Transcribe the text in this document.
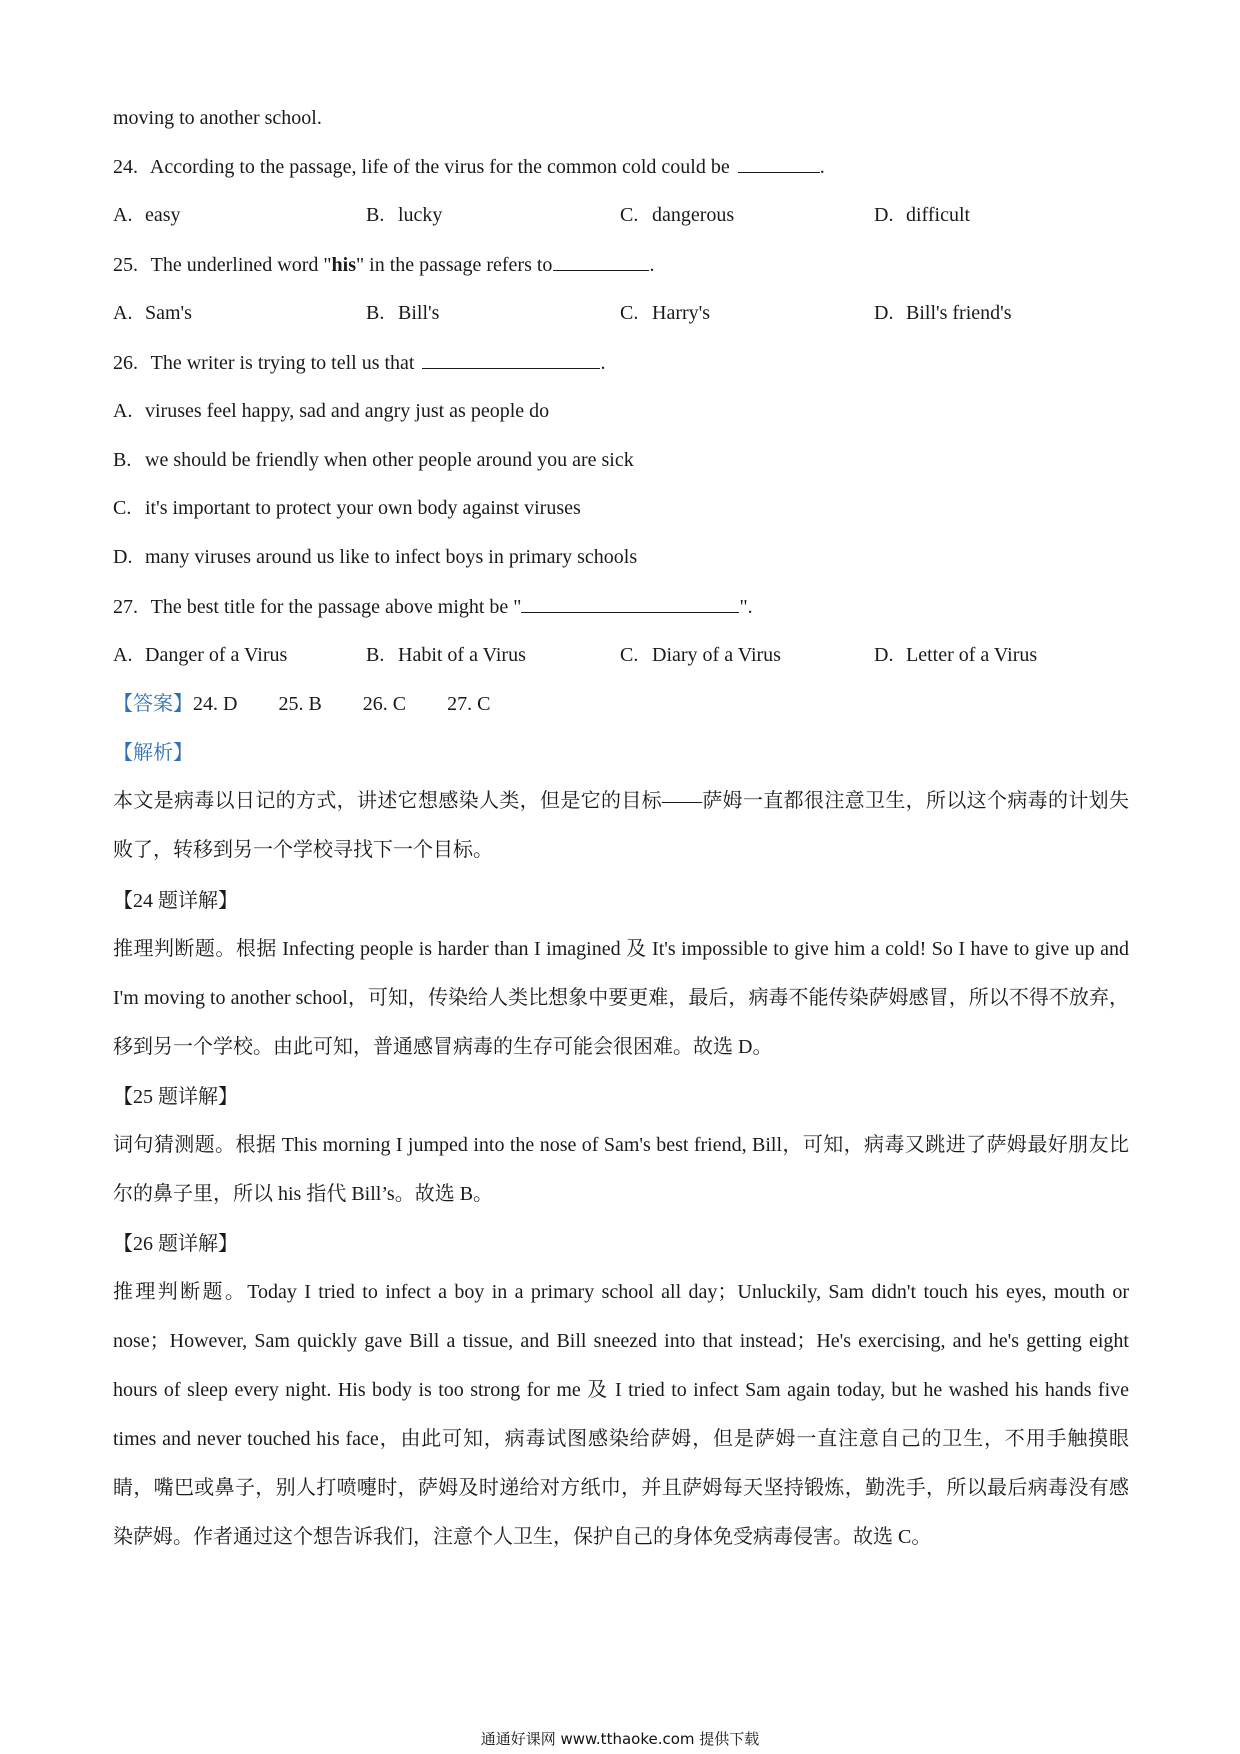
moving to another school.
24. According to the passage, life of the virus for the common cold could be	.
A. easy	B. lucky	C. dangerous	D. difficult
25. The underlined word "his" in the passage refers to	.
A. Sam's	B. Bill's	C. Harry's	D. Bill's friend's
26. The writer is trying to tell us that	.
A. viruses feel happy, sad and angry just as people do
B. we should be friendly when other people around you are sick
C. it's important to protect your own body against viruses
D. many viruses around us like to infect boys in primary schools
27. The best title for the passage above might be "	".
A. Danger of a Virus	B. Habit of a Virus	C. Diary of a Virus	D. Letter of a Virus
【答案】24. D 25. B 26. C 27. C
【解析】
本文是病毒以日记的方式，讲述它想感染人类，但是它的目标——萨姆一直都很注意卫生，所以这个病毒的计划失败了，转移到另一个学校寻找下一个目标。
【24 题详解】
推理判断题。根据 Infecting people is harder than I imagined 及 It's impossible to give him a cold! So I have to give up and I'm moving to another school，可知，传染给人类比想象中要更难，最后，病毒不能传染萨姆感冒，所以不得不放弃，移到另一个学校。由此可知，普通感冒病毒的生存可能会很困难。故选 D。
【25 题详解】
词句猜测题。根据 This morning I jumped into the nose of Sam's best friend, Bill，可知，病毒又跳进了萨姆最好朋友比尔的鼻子里，所以 his 指代 Bill’s。故选 B。
【26 题详解】
推理判断题。Today I tried to infect a boy in a primary school all day；Unluckily, Sam didn't touch his eyes, mouth or nose；However, Sam quickly gave Bill a tissue, and Bill sneezed into that instead；He's exercising, and he's getting eight hours of sleep every night. His body is too strong for me 及 I tried to infect Sam again today, but he washed his hands five times and never touched his face，由此可知，病毒试图感染给萨姆，但是萨姆一直注意自己的卫生，不用手触摸眼睛，嘴巴或鼻子，别人打喷嚏时，萨姆及时递给对方纸巾，并且萨姆每天坚持锻炼，勤洗手，所以最后病毒没有感染萨姆。作者通过这个想告诉我们，注意个人卫生，保护自己的身体免受病毒侵害。故选 C。
通通好课网 www.tthaoke.com 提供下载
